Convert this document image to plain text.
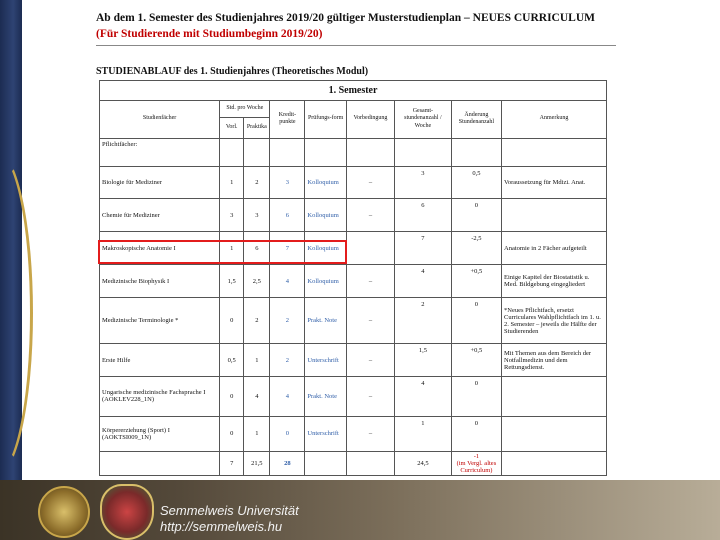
Ab dem 1. Semester des Studienjahres 2019/20 gültiger Musterstudienplan – NEUES CURRICULUM
(Für Studierende mit Studiumbeginn 2019/20)
STUDIENABLAUF des 1. Studienjahres (Theoretisches Modul)
1. Semester								
Studienfächer	Std. pro Woche		Kredit-punkte	Prüfungs-form	Vorbedingung	Gesamt-stundenanzahl / Woche	Änderung Stundenanzahl	Anmerkung
	Vorl.	Praktika						
Pflichtfächer:								
Biologie für Mediziner	1	2	3	Kolloquium	–	3	0,5	Voraussetzung für Mdizi. Anat.
Chemie für Mediziner	3	3	6	Kolloquium	–	6	0	
Makroskopische Anatomie I	1	6	7	Kolloquium		7	-2,5	Anatomie in 2 Fächer aufgeteilt
Medizinische Biophysik I	1,5	2,5	4	Kolloquium	–	4	+0,5	Einige Kapitel der Biostatistik u. Med. Bildgebung eingegliedert
Medizinische Terminologie *	0	2	2	Prakt. Note	–	2	0	*Neues Pflichtfach, ersetzt Curriculares Wahlpflichtfach im 1. u. 2. Semester – jeweils die Hälfte der Studierenden
Erste Hilfe	0,5	1	2	Unterschrift	–	1,5	+0,5	Mit Themen aus dem Bereich der Notfallmedizin und dem Rettungsdienst.
Ungarische medizinische Fachsprache I (AOKLEV228_1N)	0	4	4	Prakt. Note	–	4	0	
Körpererziehung (Sport) I (AOKTSI009_1N)	0	1	0	Unterschrift	–	1	0	
	7	21,5	28			24,5	-1
(im Vergl. altes Curriculum)	

Semmelweis Universität
http://semmelweis.hu
